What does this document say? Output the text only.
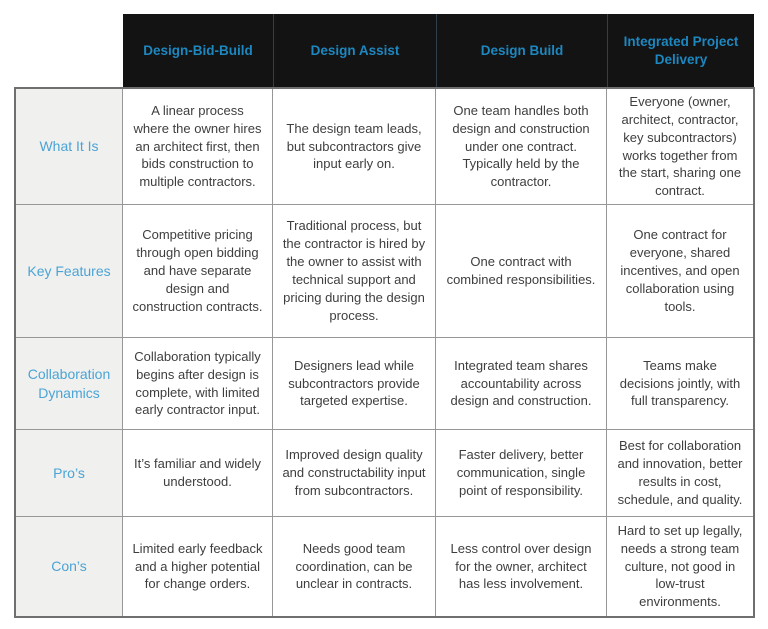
Design-Bid-Build	Design Assist	Design Build
Integrated Project Delivery
What It Is
A linear process where the owner hires an architect first, then bids construction to multiple contractors.
The design team leads, but subcontractors give input early on.
One team handles both design and construction under one contract. Typically held by the contractor.
Everyone (owner, architect, contractor, key subcontractors) works together from the start, sharing one contract.
Key Features
Competitive pricing through open bidding and have separate design and construction contracts.
Traditional process, but the contractor is hired by the owner to assist with technical support and pricing during the design process.
One contract with combined responsibilities.
One contract for everyone, shared incentives, and open collaboration using tools.
Collaboration Dynamics
Collaboration typically begins after design is complete, with limited early contractor input.
Designers lead while subcontractors provide targeted expertise.
Integrated team shares accountability across design and construction.
Teams make decisions jointly, with full transparency.
Pro’s
It’s familiar and widely understood.
Improved design quality and constructability input from subcontractors.
Faster delivery, better communication, single point of responsibility.
Best for collaboration and innovation, better results in cost, schedule, and quality.
Con’s
Limited early feedback and a higher potential for change orders.
Needs good team coordination, can be unclear in contracts.
Less control over design for the owner, architect has less involvement.
Hard to set up legally, needs a strong team culture, not good in low-trust environments.
